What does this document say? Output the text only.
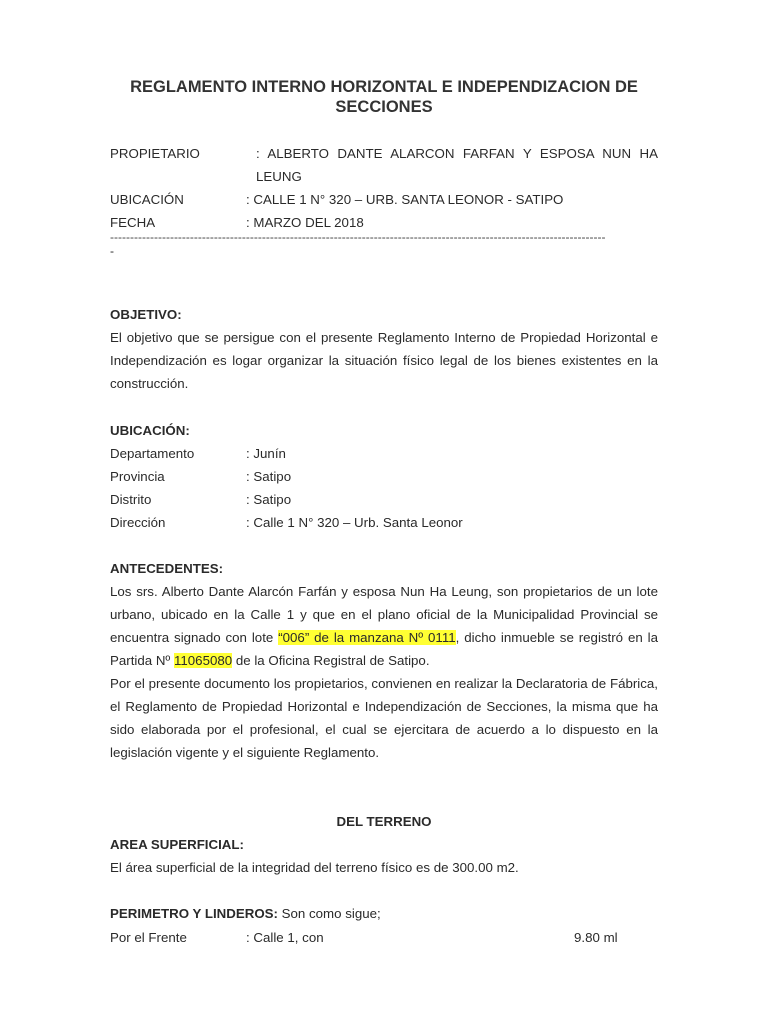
REGLAMENTO INTERNO HORIZONTAL E INDEPENDIZACION DE SECCIONES
PROPIETARIO	: ALBERTO DANTE ALARCON FARFAN Y ESPOSA NUN HA LEUNG
UBICACIÓN	: CALLE 1 N° 320 – URB. SANTA LEONOR - SATIPO
FECHA	: MARZO DEL 2018
----------------------------------------------------------------------------------------------------------------------------
-
OBJETIVO:
El objetivo que se persigue con el presente Reglamento Interno de Propiedad Horizontal e Independización es logar organizar la situación físico legal de los bienes existentes en la construcción.
UBICACIÓN:
Departamento	: Junín
Provincia	: Satipo
Distrito	: Satipo
Dirección	: Calle 1 N° 320 – Urb. Santa Leonor
ANTECEDENTES:
Los srs. Alberto Dante Alarcón Farfán y esposa Nun Ha Leung, son propietarios de un lote urbano, ubicado en la Calle 1 y que en el plano oficial de la Municipalidad Provincial se encuentra signado con lote “006” de la manzana Nº 0111, dicho inmueble se registró en la Partida Nº 11065080 de la Oficina Registral de Satipo.
Por el presente documento los propietarios, convienen en realizar la Declaratoria de Fábrica, el Reglamento de Propiedad Horizontal e Independización de Secciones, la misma que ha sido elaborada por el profesional, el cual se ejercitara de acuerdo a lo dispuesto en la legislación vigente y el siguiente Reglamento.
DEL TERRENO
AREA SUPERFICIAL:
El área superficial de la integridad del terreno físico es de 300.00 m2.
PERIMETRO Y LINDEROS: Son como sigue;
Por el Frente	: Calle 1, con	9.80 ml
